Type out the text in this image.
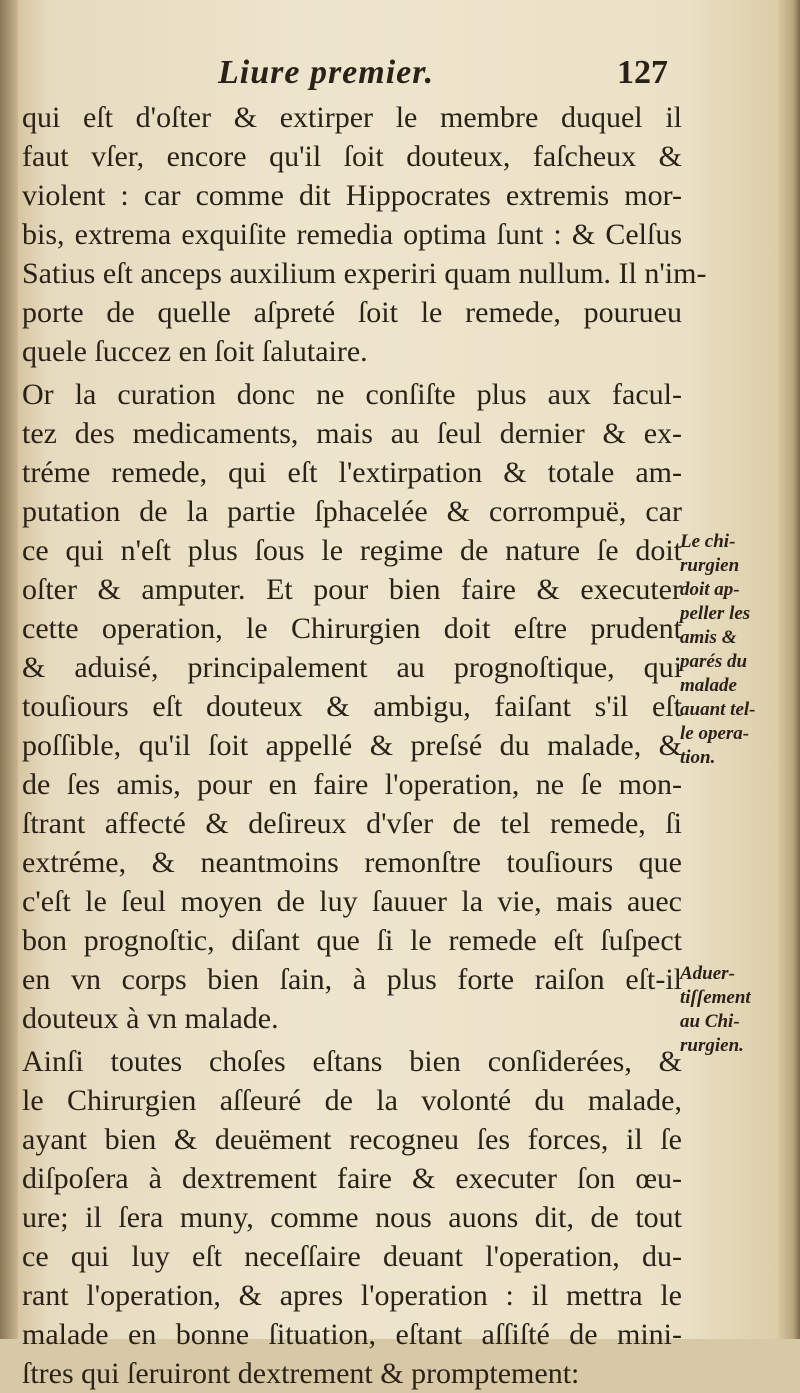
Liure premier.	127
qui eſt d'oſter & extirper le membre duquel il
faut vſer, encore qu'il ſoit douteux, faſcheux &
violent : car comme dit Hippocrates extremis mor-
bis, extrema exquiſite remedia optima ſunt : & Celſus
Satius eſt anceps auxilium experiri quam nullum. Il n'im-
porte de quelle aſpreté ſoit le remede, pourueu
quele ſuccez en ſoit ſalutaire.
Or la curation donc ne conſiſte plus aux facul-
tez des medicaments, mais au ſeul dernier & ex-
tréme remede, qui eſt l'extirpation & totale am-
putation de la partie ſphacelée & corrompuë, car
ce qui n'eſt plus ſous le regime de nature ſe doit
oſter & amputer. Et pour bien faire & executer
cette operation, le Chirurgien doit eſtre prudent
& aduisé, principalement au prognoſtique, qui
touſiours eſt douteux & ambigu, faiſant s'il eſt
poſſible, qu'il ſoit appellé & preſsé du malade, &
de ſes amis, pour en faire l'operation, ne ſe mon-
ſtrant affecté & deſireux d'vſer de tel remede, ſi
extréme, & neantmoins remonſtre touſiours que
c'eſt le ſeul moyen de luy ſauuer la vie, mais auec
bon prognoſtic, diſant que ſi le remede eſt ſuſpect
en vn corps bien ſain, à plus forte raiſon eſt-il
douteux à vn malade.
Ainſi toutes choſes eſtans bien conſiderées, &
le Chirurgien aſſeuré de la volonté du malade,
ayant bien & deuëment recogneu ſes forces, il ſe
diſpoſera à dextrement faire & executer ſon œu-
ure; il ſera muny, comme nous auons dit, de tout
ce qui luy eſt neceſſaire deuant l'operation, du-
rant l'operation, & apres l'operation : il mettra le
malade en bonne ſituation, eſtant aſſiſté de mini-
ſtres qui ſeruiront dextrement & promptement:
Le chi-
rurgien
doit ap-
peller les
amis &
parés du
malade
auant tel-
le opera-
tion.
Aduer-
tiſſement
au Chi-
rurgien.
